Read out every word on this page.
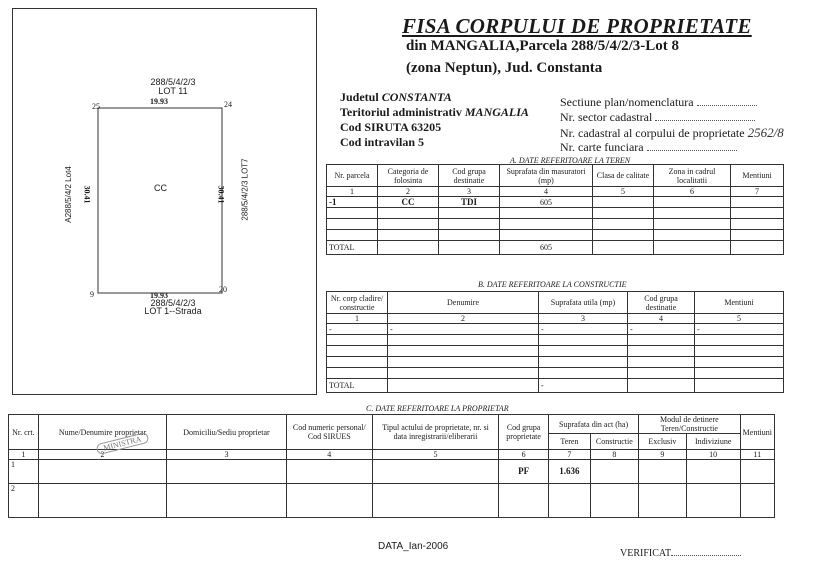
FISA CORPULUI DE PROPRIETATE
din MANGALIA,Parcela 288/5/4/2/3-Lot 8
(zona Neptun), Jud. Constanta
Judetul CONSTANTA
Teritoriul administrativ MANGALIA
Cod SIRUTA 63205
Cod intravilan 5
Sectiune plan/nomenclatura
Nr. sector cadastral
Nr. cadastral al corpului de proprietate 2562/8
Nr. carte funciara
288/5/4/2/3
LOT 11
19.93
25	24
9
20
CC
19.93
288/5/4/2/3
LOT 1--Strada
A288/5/4/2 Lot4 30.41	30.41 288/5/4/2/3 LOT7	A. DATE REFERITOARE LA TEREN
Nr. parcela	Categoria de folosinta	Cod grupa destinatie	Suprafata din masuratori (mp)	Clasa de calitate	Zona in cadrul localitatii	Mentiuni
1	2	3	4	5	6	7
-1	CC	TDI	605			

TOTAL			605			
B. DATE REFERITOARE LA CONSTRUCTIE
Nr. corp cladire/ constructie	Denumire	Suprafata utila (mp)	Cod grupa destinatie	Mentiuni
1	2	3	4	5
-	-	-	-	-

TOTAL		-		
C. DATE REFERITOARE LA PROPRIETAR
Nr. crt.	Nume/Denumire proprietar	Domiciliu/Sediu proprietar	Cod numeric personal/ Cod SIRUES	Tipul actului de proprietate, nr. si data inregistrarii/eliberarii	Cod grupa proprietate	Suprafata din act (ha)		Modul de detinere Teren/Constructie		Mentiuni
						Teren	Constructie	Exclusiv	Indiviziune	
1	2	3	4	5	6	7	8	9	10	11
1					PF	1.636				
2										
MINISTRA
DATA_Ian-2006
VERIFICAT
